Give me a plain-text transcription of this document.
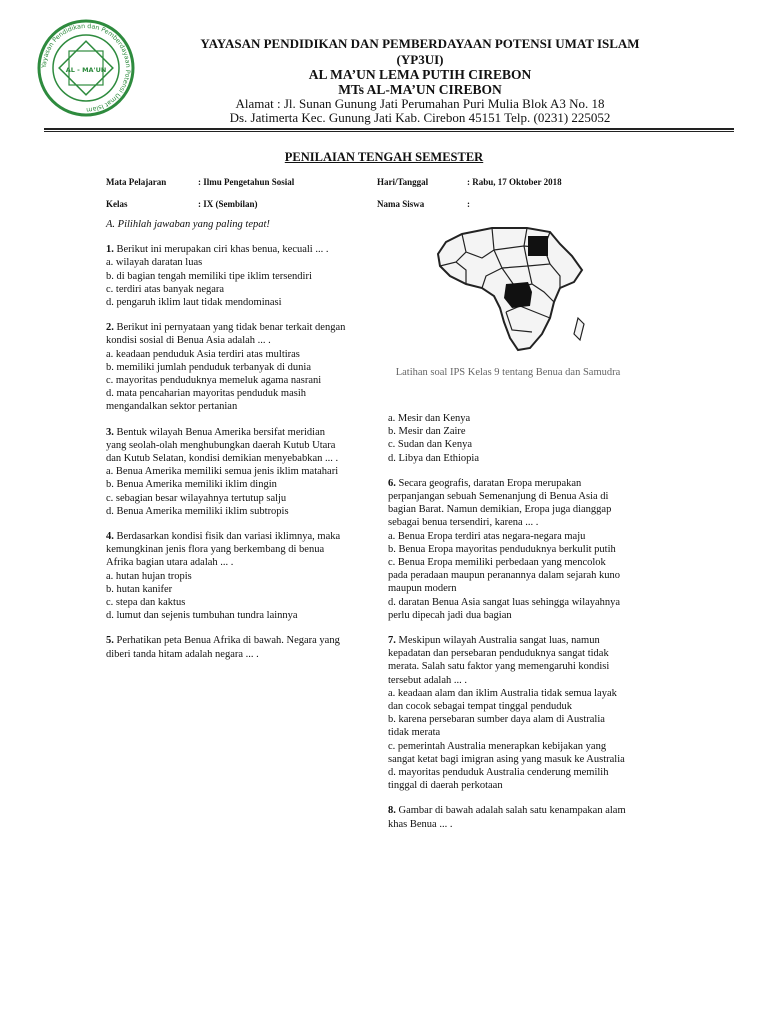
Yayasan Pendidikan dan Pemberdayaan Potensi Umat Islam
AL - MA'UN
YAYASAN PENDIDIKAN DAN PEMBERDAYAAN POTENSI UMAT ISLAM
(YP3UI)
AL MA’UN LEMA PUTIH CIREBON
MTs AL-MA’UN CIREBON
Alamat : Jl. Sunan Gunung Jati Perumahan Puri Mulia Blok A3 No. 18
Ds. Jatimerta Kec. Gunung Jati Kab. Cirebon 45151 Telp. (0231) 225052
PENILAIAN TENGAH SEMESTER
Mata Pelajaran	: Ilmu Pengetahun Sosial	Hari/Tanggal	: Rabu, 17 Oktober 2018
Kelas	: IX (Sembilan)	Nama Siswa	:

A. Pilihlah jawaban yang paling tepat!

1. Berikut ini merupakan ciri khas benua, kecuali ... .

a. wilayah daratan luas

b. di bagian tengah memiliki tipe iklim tersendiri

c. terdiri atas banyak negara

d. pengaruh iklim laut tidak mendominasi

2. Berikut ini pernyataan yang tidak benar terkait dengan kondisi sosial di Benua Asia adalah ... .

a. keadaan penduduk Asia terdiri atas multiras

b. memiliki jumlah penduduk terbanyak di dunia

c. mayoritas penduduknya memeluk agama nasrani

d. mata pencaharian mayoritas penduduk masih mengandalkan sektor pertanian

3. Bentuk wilayah Benua Amerika bersifat meridian yang seolah-olah menghubungkan daerah Kutub Utara dan Kutub Selatan, kondisi demikian menyebabkan ... .

a. Benua Amerika memiliki semua jenis iklim matahari

b. Benua Amerika memiliki iklim dingin

c. sebagian besar wilayahnya tertutup salju

d. Benua Amerika memiliki iklim subtropis

4. Berdasarkan kondisi fisik dan variasi iklimnya, maka kemungkinan jenis flora yang berkembang di benua Afrika bagian utara adalah ... .

a. hutan hujan tropis

b. hutan kanifer

c. stepa dan kaktus

d. lumut dan sejenis tumbuhan tundra lainnya

5. Perhatikan peta Benua Afrika di bawah. Negara yang diberi tanda hitam adalah negara ... .

Latihan soal IPS Kelas 9 tentang Benua dan Samudra

a. Mesir dan Kenya

b. Mesir dan Zaire

c. Sudan dan Kenya

d. Libya dan Ethiopia

6. Secara geografis, daratan Eropa merupakan perpanjangan sebuah Semenanjung di Benua Asia di bagian Barat. Namun demikian, Eropa juga dianggap sebagai benua tersendiri, karena ... .

a. Benua Eropa terdiri atas negara-negara maju

b. Benua Eropa mayoritas penduduknya berkulit putih

c. Benua Eropa memiliki perbedaan yang mencolok pada peradaan maupun peranannya dalam sejarah kuno maupun modern

d. daratan Benua Asia sangat luas sehingga wilayahnya perlu dipecah jadi dua bagian

7. Meskipun wilayah Australia sangat luas, namun kepadatan dan persebaran penduduknya sangat tidak merata. Salah satu faktor yang memengaruhi kondisi tersebut adalah ... .

a. keadaan alam dan iklim Australia tidak semua layak dan cocok sebagai tempat tinggal penduduk

b. karena persebaran sumber daya alam di Australia tidak merata

c. pemerintah Australia menerapkan kebijakan yang sangat ketat bagi imigran asing yang masuk ke Australia

d. mayoritas penduduk Australia cenderung memilih tinggal di daerah perkotaan

8. Gambar di bawah adalah salah satu kenampakan alam khas Benua ... .
